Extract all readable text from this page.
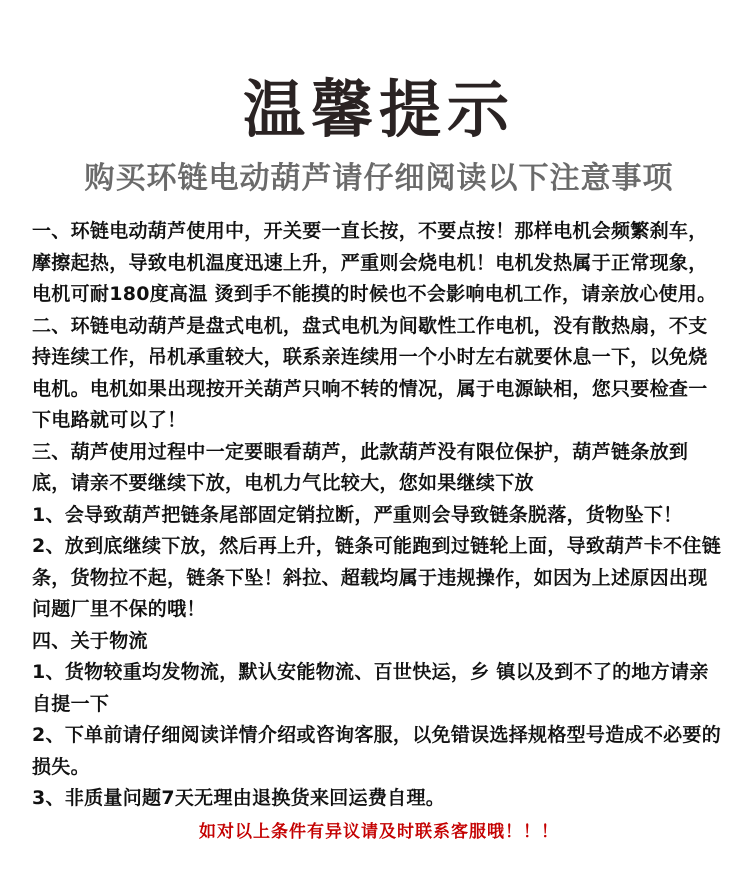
温馨提示
购买环链电动葫芦请仔细阅读以下注意事项

一、环链电动葫芦使用中，开关要一直长按，不要点按！那样电机会频繁刹车，摩擦起热，导致电机温度迅速上升，严重则会烧电机！电机发热属于正常现象，电机可耐180度高温 烫到手不能摸的时候也不会影响电机工作，请亲放心使用。

二、环链电动葫芦是盘式电机，盘式电机为间歇性工作电机，没有散热扇，不支持连续工作，吊机承重较大，联系亲连续用一个小时左右就要休息一下，以免烧电机。电机如果出现按开关葫芦只响不转的情况，属于电源缺相，您只要检查一下电路就可以了！

三、葫芦使用过程中一定要眼看葫芦，此款葫芦没有限位保护，葫芦链条放到底，请亲不要继续下放，电机力气比较大，您如果继续下放

1、会导致葫芦把链条尾部固定销拉断，严重则会导致链条脱落，货物坠下！

2、放到底继续下放，然后再上升，链条可能跑到过链轮上面，导致葫芦卡不住链条，货物拉不起，链条下坠！斜拉、超载均属于违规操作，如因为上述原因出现问题厂里不保的哦！

四、关于物流

1、货物较重均发物流，默认安能物流、百世快运，乡 镇以及到不了的地方请亲自提一下

2、下单前请仔细阅读详情介绍或咨询客服，以免错误选择规格型号造成不必要的损失。

3、非质量问题7天无理由退换货来回运费自理。

如对以上条件有异议请及时联系客服哦！！！
